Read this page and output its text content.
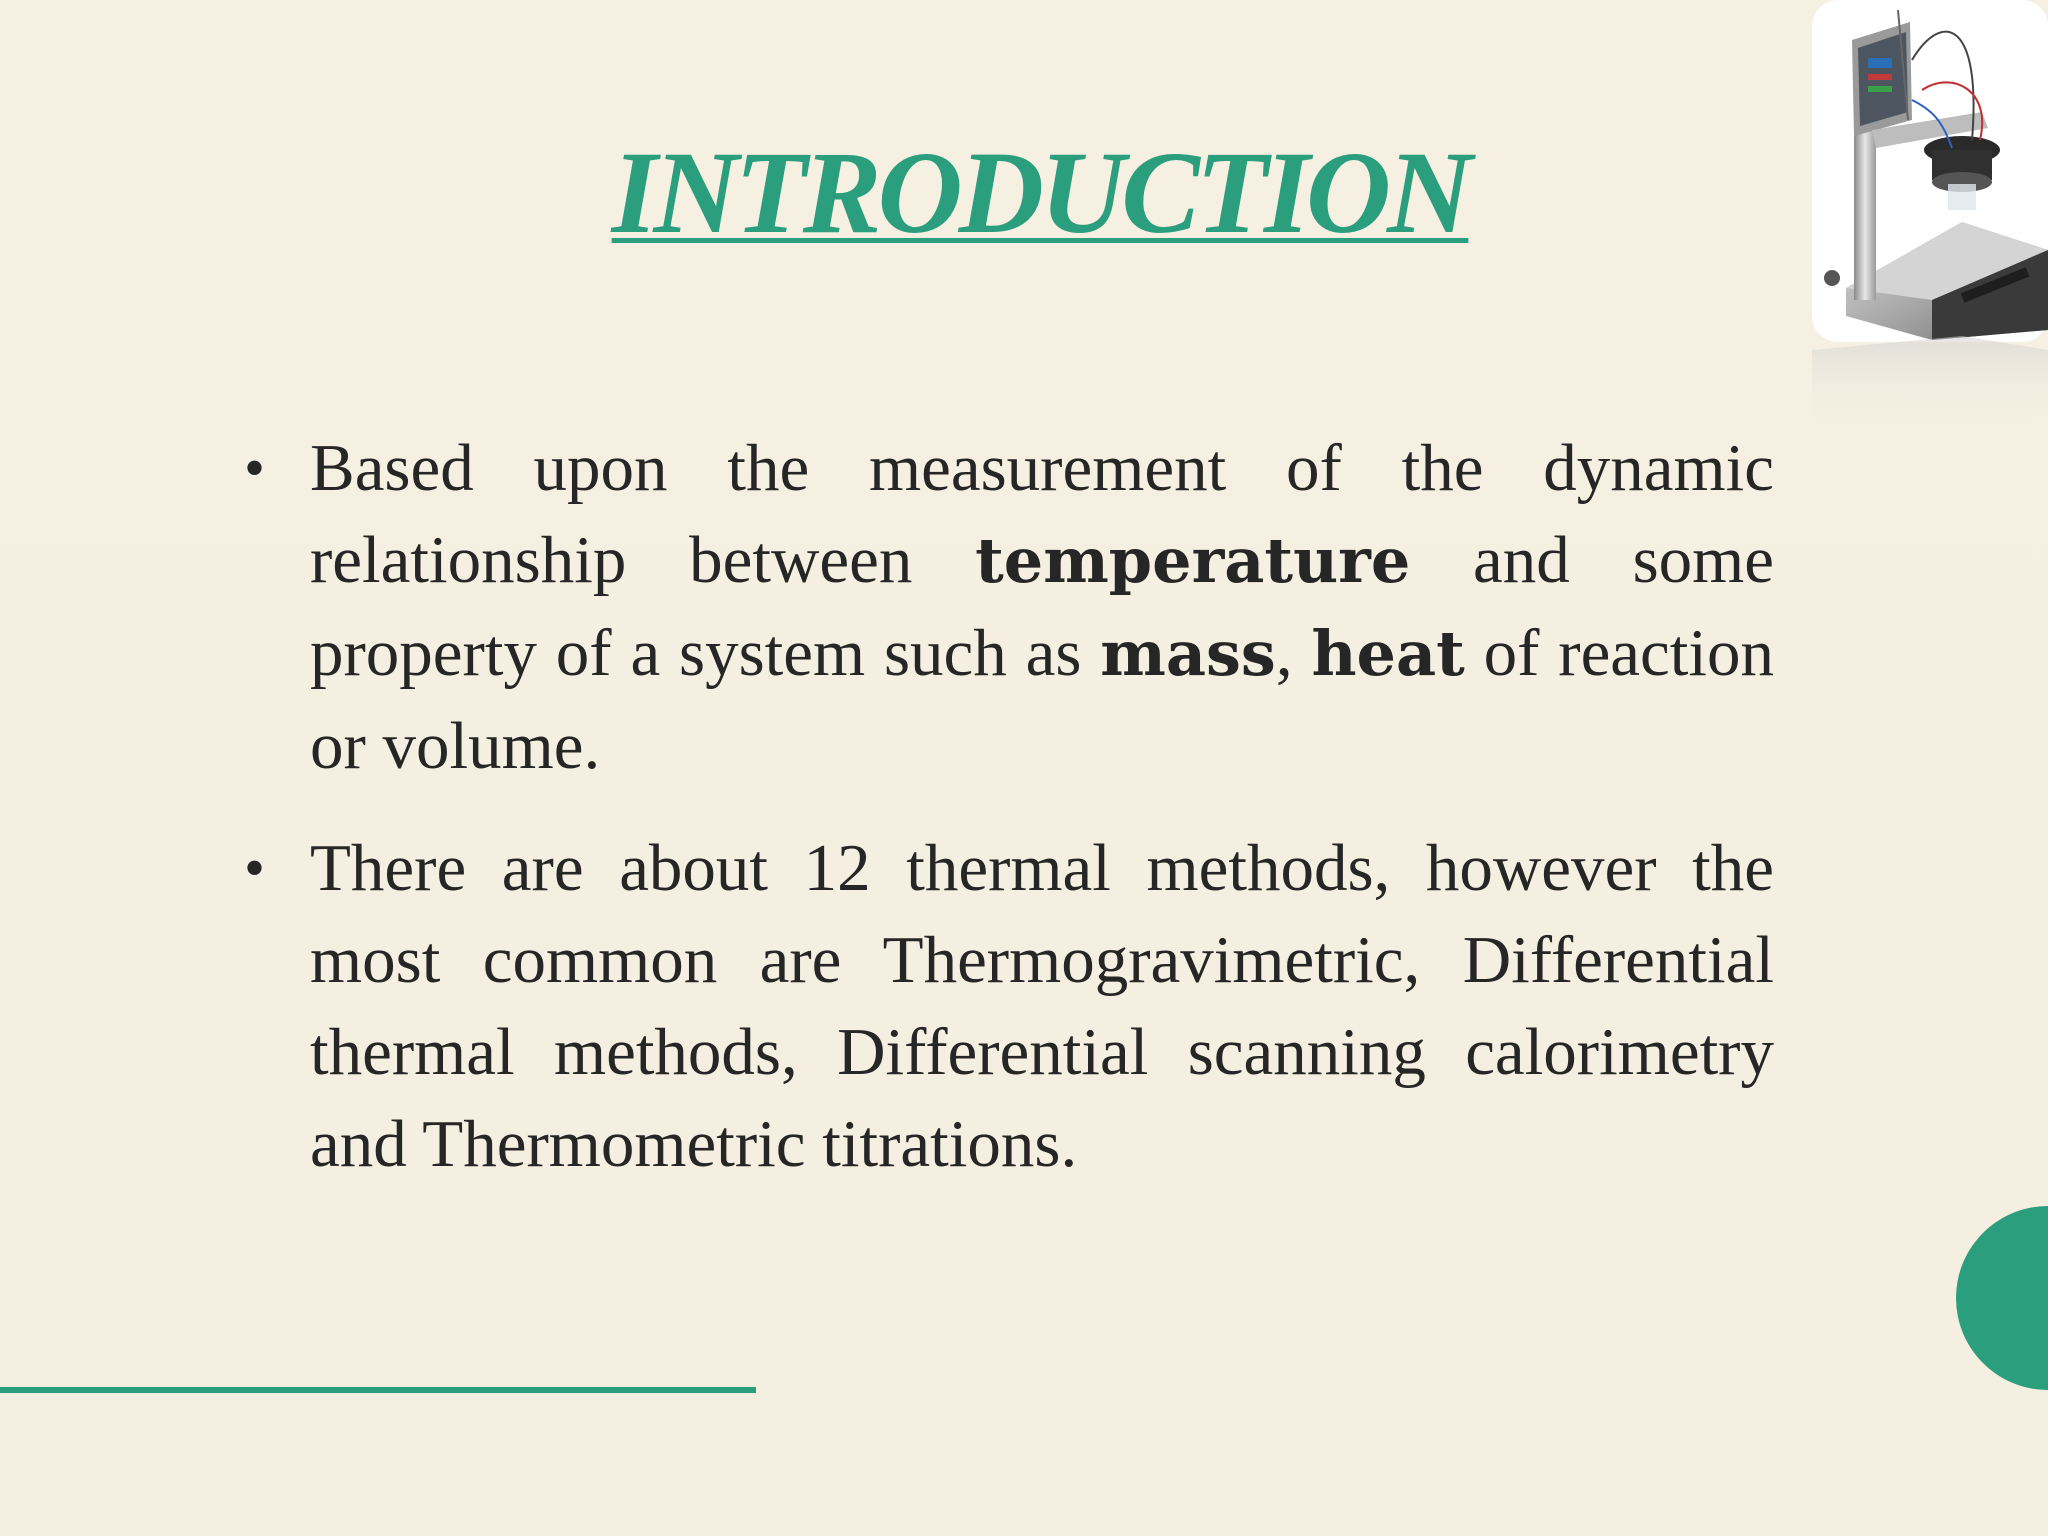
INTRODUCTION
• Based upon the measurement of the dynamic relationship between temperature and some property of a system such as mass, heat of reaction or volume.
• There are about 12 thermal methods, however the most common are Thermogravimetric, Differential thermal methods, Differential scanning calorimetry and Thermometric titrations.
